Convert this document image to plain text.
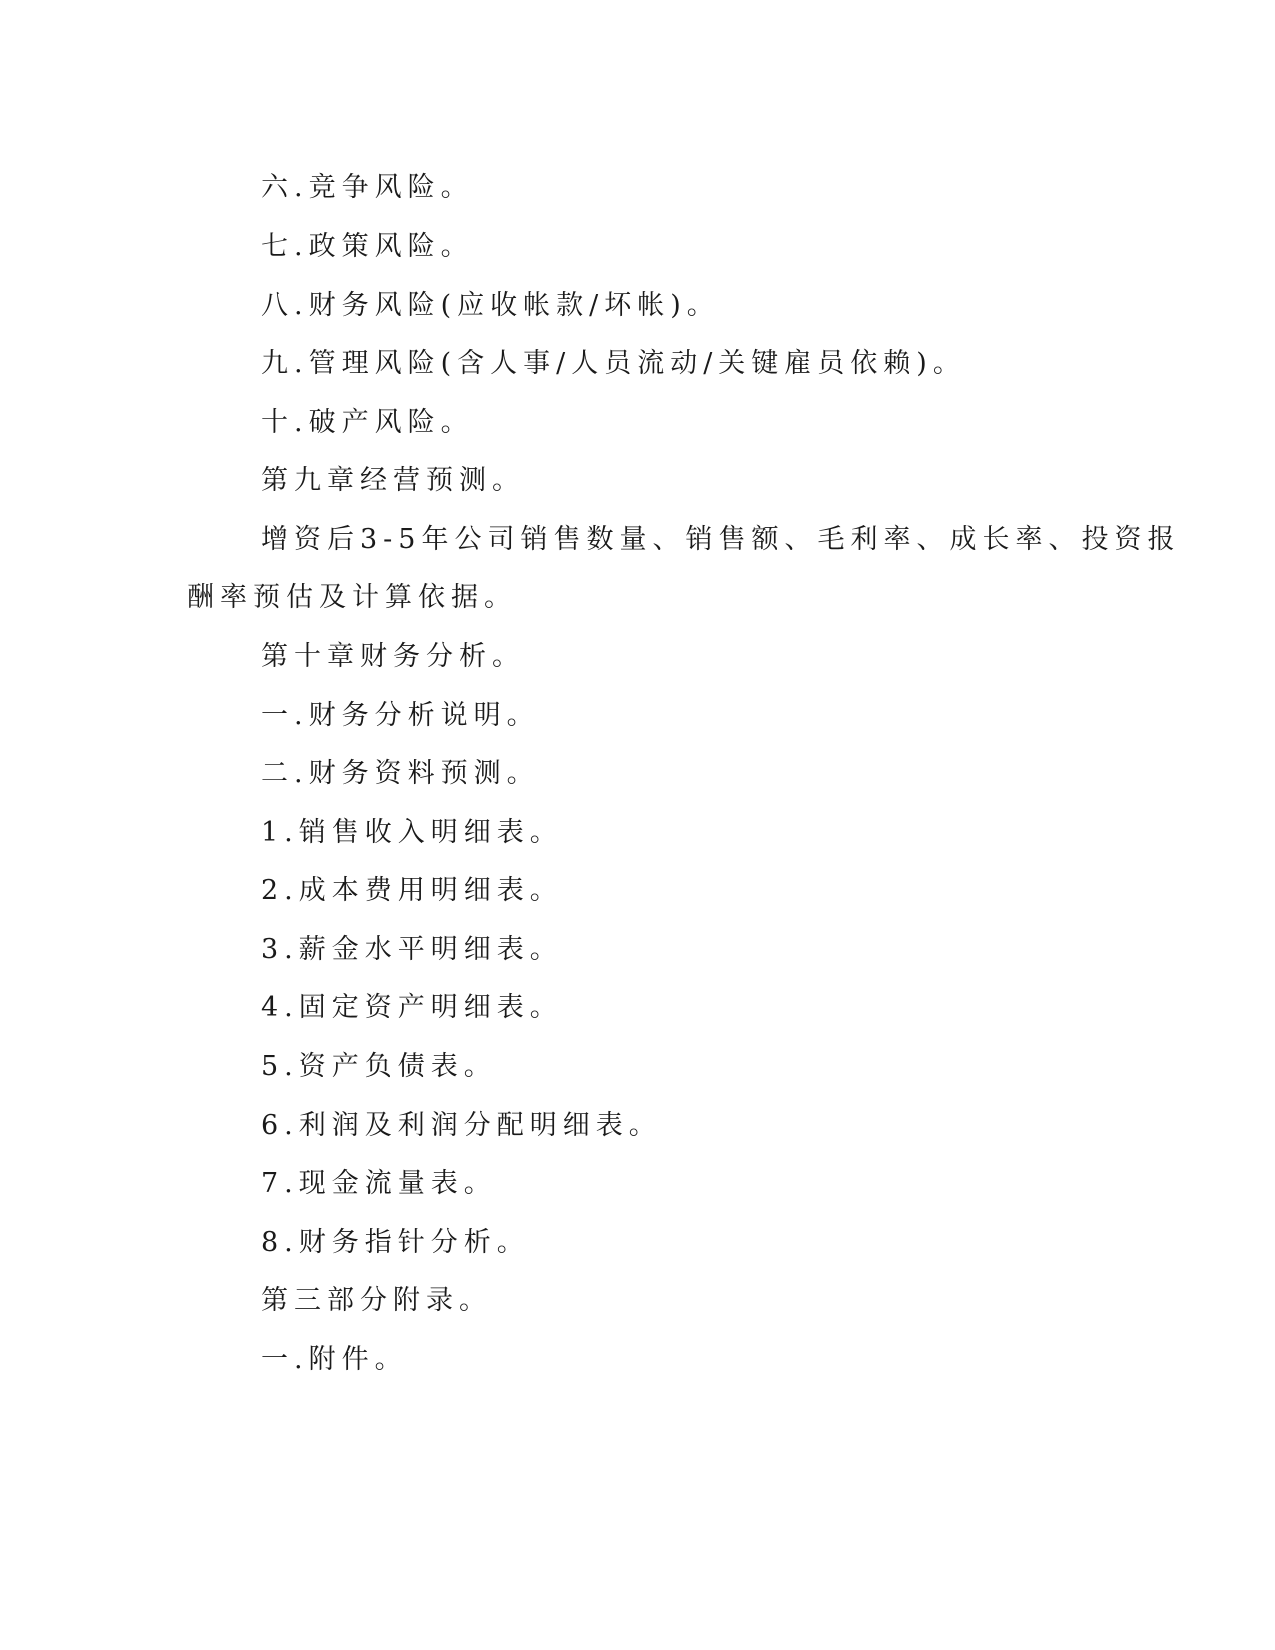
六.竞争风险。
七.政策风险。
八.财务风险(应收帐款/坏帐)。
九.管理风险(含人事/人员流动/关键雇员依赖)。
十.破产风险。
第九章经营预测。
增资后3-5年公司销售数量、销售额、毛利率、成长率、投资报
酬率预估及计算依据。
第十章财务分析。
一.财务分析说明。
二.财务资料预测。
1.销售收入明细表。
2.成本费用明细表。
3.薪金水平明细表。
4.固定资产明细表。
5.资产负债表。
6.利润及利润分配明细表。
7.现金流量表。
8.财务指针分析。
第三部分附录。
一.附件。
